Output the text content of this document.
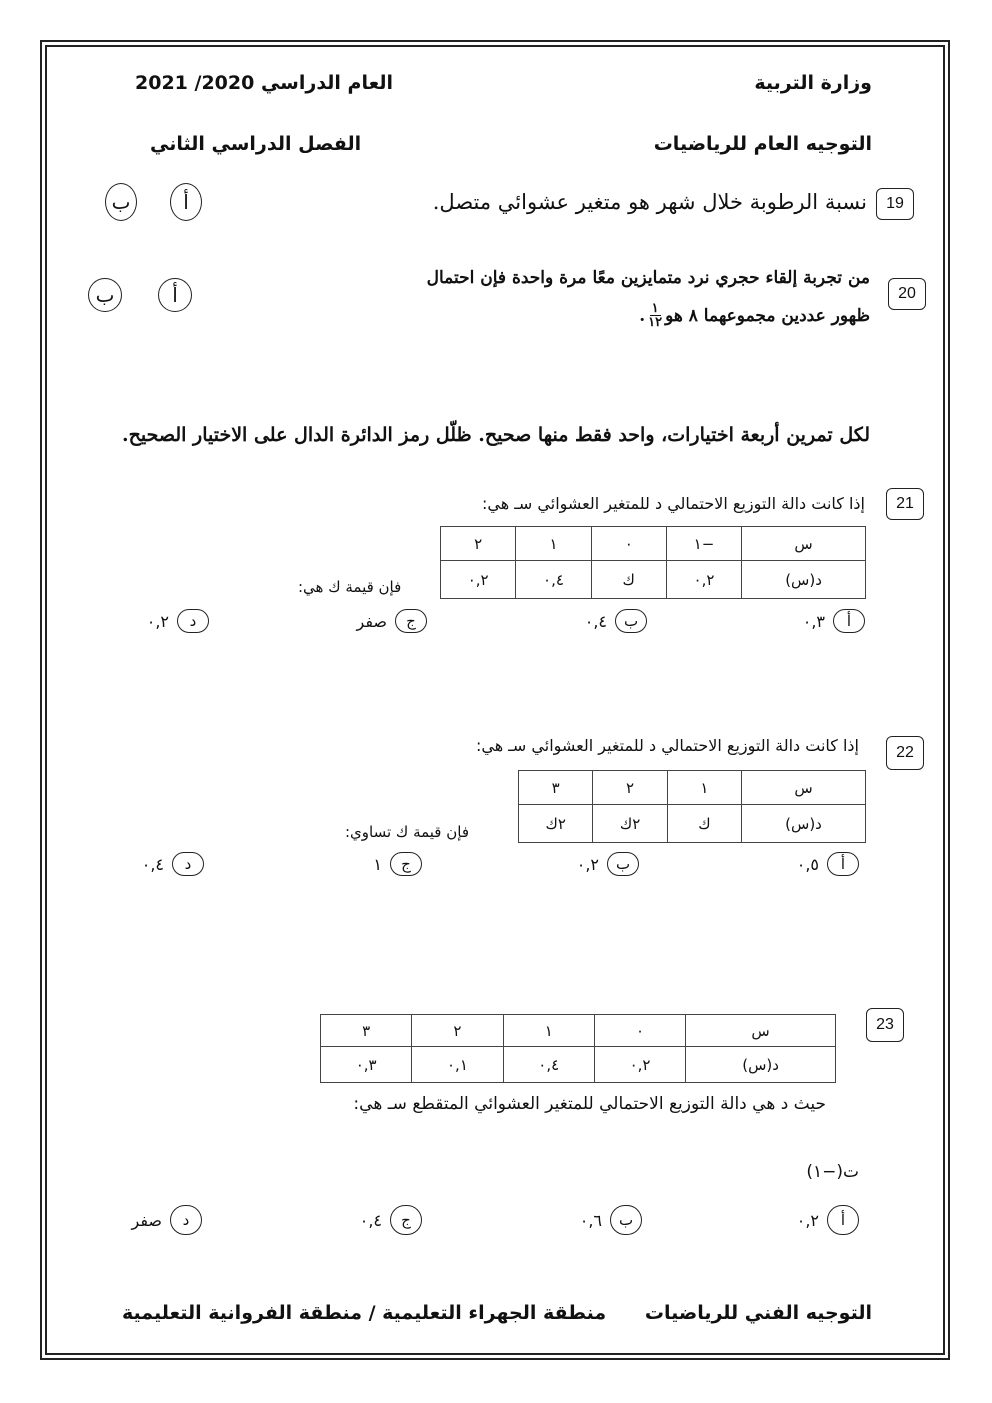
وزارة التربية
العام الدراسي 2020/ 2021
التوجيه العام للرياضيات
الفصل الدراسي الثاني
19
نسبة الرطوبة خلال شهر هو متغير عشوائي متصل.
ب	أ
20
من تجربة إلقاء حجري نرد متمايزين معًا مرة واحدة فإن احتمال
ظهور عددين مجموعهما ٨ هو
$\frac{١}{١٢}$
.
ب	أ
لكل تمرين أربعة اختيارات، واحد فقط منها صحيح. ظلّل رمز الدائرة الدال على الاختيار الصحيح.
21
إذا كانت دالة التوزيع الاحتمالي د للمتغير العشوائي سـ هي:
س	−١	٠	١	٢
د(س)	٠,٢	ك	٠,٤	٠,٢
فإن قيمة ك هي:
أ
٠,٣
ب
٠,٤
ج
صفر
د
٠,٢
22
إذا كانت دالة التوزيع الاحتمالي د للمتغير العشوائي سـ هي:
س	١	٢	٣
د(س)	ك	٢ك	٢ك
فإن قيمة ك تساوي:
أ
٠,٥
ب
٠,٢
ج
١
د
٠,٤
23
س	٠	١	٢	٣
د(س)	٠,٢	٠,٤	٠,١	٠,٣
حيث د هي دالة التوزيع الاحتمالي للمتغير العشوائي المتقطع سـ هي:
ت(−١)
أ
٠,٢
ب
٠,٦
ج
٠,٤
د
صفر
التوجيه الفني للرياضيات
منطقة الجهراء التعليمية / منطقة الفروانية التعليمية
